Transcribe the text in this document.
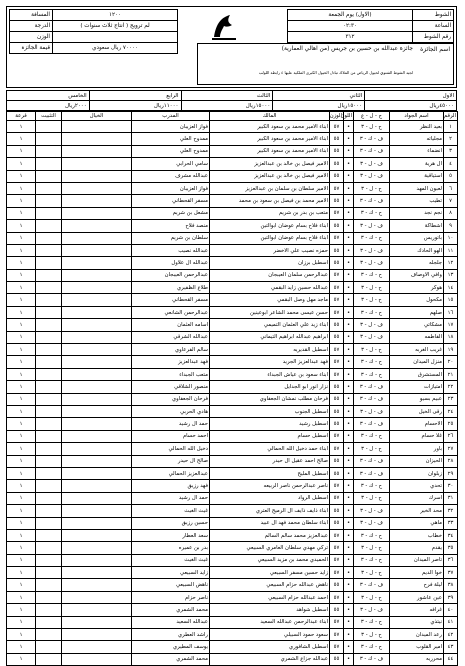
الشوط	(الاول) يوم الجمعة
الساعة	٠٢:٣٠
رقم الشوط	٣١٢
١٢٠٠	المسافة
لم ترويج ( انتاج ثلاث سنوات )	الدرجة
	الوزن
٧٠٠٠٠ ريال سعودي	قيمة الجائزة	اسم الجائزة
جائزة عبدالله بن حسين بن جريس (من اهالي العمارية)
لجيد الشوط الشتوي لخيول الرياض من الملاك تبادل الخيول الكبرى الملكية عليها ٤ رابطة اللولب
الاول	الثاني	الثالث	الرابع	الخامس
٤٥٠٠٠ريال	١٥٠٠٠ريال	١٥٠٠٠ريال	١١٠٠٠ريال	٢٠٠٠ريال
الرقم	اسم الجواد	ج - ل - ع	اللون	الوزن	المالك	المدرب	الخيال	التثبيت	قرعة
١	بعيد النظر	ح - ل - ٣	•	٥٧	ابناء الامير محمد بن سعود الكبير	فواز العزيبان			١
٢	مجلياته	ف - ك - ٣	•	٥٥	ابناء الامير محمد بن سعود الكبير	ممدوح العلي			١
٣	انضماء	ف - ك - ٣	•	٥٥	ابناء الامير محمد بن سعود الكبير	ممدوح العلي			١
٤	ال هرية	ف - ل - ٣	•	٥٥	الامير فيصل بن خالد بن عبدالعزيز	سامي الحرابي			١
٥	استياقية	ف - ل - ٣	•	٥٥	الامير فيصل بن خالد بن عبدالعزيز	عبدالله مشرف			١
٦	لعبون المهد	ح - ل - ٣	•	٥٧	الامير سلطان بن سلمان بن عبدالعزيز	فواز العزيبان			١
٧	تطيب	ف - ك - ٣	•	٥٥	الامير محمد بن فيصل بن سعود بن محمد	مسفر القحطاني			١
٨	نجم نجد	ح - ك - ٣	•	٥٧	متعب بن بدر بن شريم	مشعل بن شريم			١
٩	اشطاكة	ف - ل - ٣	•	٥٥	ابناء فلاح بسام عوضان ابوالتين	منصد فلاح			١
١٠	باتوريس	ح - ك - ٣	•	٥٧	ابناء فلاح بسام عوضان ابوالتين	سلطان بن شريم			١
١١	الهو الحادك	ف - ل - ٣	•	٥٥	حمزه نصيب علي الاخضر	عبدالله نصيب			١
١٢	جلجله	ف - ل - ٣	•	٥٥	اسطبل برزان	عبدالله ال علاول			١
١٣	وافي الاوصاف	ح - ك - ٣	•	٥٧	عبدالرحمن سلمان العيبجان	عبدالرحمن العيبجان			١
١٤	هوكر	ح - ل - ٣	•	٥٧	عبدالله حسين زايد البقمي	طلاع الظفيري			١
١٥	مكحول	ح - ل - ٣	•	٥٧	ماجد مهل وصل البقمي	مسفر القحطاني			١
١٦	صلهم	ح - ك - ٣	•	٥٧	حسن عيسى محمد الشاعر ابوعينين	عبدالرحمن الشانعي			١
١٧	مشكاتي	ف - ل - ٣	•	٥٥	ابناء زيد علي العثمان التميمي	اسامه العثمان			١
١٨	الفاطمه	ف - ل - ٣	•	٥٥	ابراهيم عبدالله ابراهيم التيماني	عبدالله الشرقي			١
١٩	غريب الغربه	ح - ل - ٣	•	٥٧	اسطبل القديريه	سالم الفرعاوي			١
٢٠	منزل الميدان	ح - ك - ٣	•	٥٧	فهد عبدالعزيز الجريد	فهد عبدالعزيز			١
٢١	المستشرق	ح - ك - ٣	•	٥٧	ابناء سعود بن عياش الجبداء	متعب الجبداء			١
٢٢	امتيازات	ف - ك - ٣	•	٥٥	نزار انور ابو الجدايل	منصور الشلاقي			١
٢٣	عبيم بسيو	ف - ك - ٣	•	٥٥	فرحان مطلب نمشان الجعفاوي	فرحان الجعفاوي			١
٢٤	رقى الخيل	ف - ل - ٣	•	٥٥	اسطبل الجنوب	هادي الحربي			١
٢٥	الاحسام	ف - ك - ٣	•	٥٥	اسطبل رشيد	حمد ال رشيد			١
٢٦	غلا حسام	ح - ك - ٣	•	٥٧	اسطبل حسام	احمد حسام			١
٢٧	باور	ح - ل - ٣	•	٥٧	ابناء حمد دخيل الله الحمالي	دخيل الله الحمالي			١
٢٨	الحيزان	ف - ك - ٣	•	٥٥	صالح احمد عقيل ال حيدر	صالح ال حيدر			١
٢٩	زبلوان	ف - ك - ٣	•	٥٥	اسطبل المليح	عبدالعزيز الحمالي			١
٣٠	تحدي	ح - ك - ٣	•	٥٧	ناصر عبدالرحمن ناصر الربيعه	فهد رزيق			١
٣١	اسرك	ح - ل - ٣	•	٥٧	اسطبل الرواد	حمد ال رشيد			١
٣٢	محد الخير	ف - ل - ٣	•	٥٥	ابناء ذايف ذايف ال الرميح العتري	غيث الغيث			١
٣٣	ماهي	ف - ل - ٣	•	٥٥	ابناء سلطان محمد فهد ال عبيد	حسين رزيق			١
٣٤	خطاب	ح - ك - ٣	•	٥٧	عبدالعزيز محمد سالم السالم	سعد العطار			١
٣٥	يقدم	ح - ل - ٣	•	٥٧	تركي مهدي سلطان العامري السبيعي	بدر بن عميره			١
٣٦	تاصر الميدان	ح - ك - ٣	•	٥٧	الحميدي محمد بن مزيد السبيعي	غيث الغيث			١
٣٧	خوا الديم	ح - ل - ٣	•	٥٧	زايد حسين مسفر السبيعي	زايد السبيعي			١
٣٨	ليلة فرح	ف - ك - ٣	•	٥٥	ناهض عبدالله حزام السبيعي	ناهض السبيعي			١
٣٩	عين عاشور	ح - ل - ٣	•	٥٧	احمد عبدالله حزام السبيعي	ناصر حزام			١
٤٠	غرافه	ف - ل - ٣	•	٥٥	اسطبل شواهد	محمد الشمري			١
٤١	نيتذي	ح - ك - ٣	•	٥٧	ابناء عبدالرحمن عبدالله السعيد	عبدالله السعيد			١
٤٢	رعد الميدان	ح - ل - ٣	•	٥٧	سعود حمود السبيلي	راشد العطري			١
٤٣	امير القلوب	ح - ك - ٣	•	٥٧	اسطبل الشافوري	يوسف المطيري			١
٤٤	محرريه	ف - ك - ٣	•	٥٥	عبدالله جزاع الشمري	محمد الشمري			١
